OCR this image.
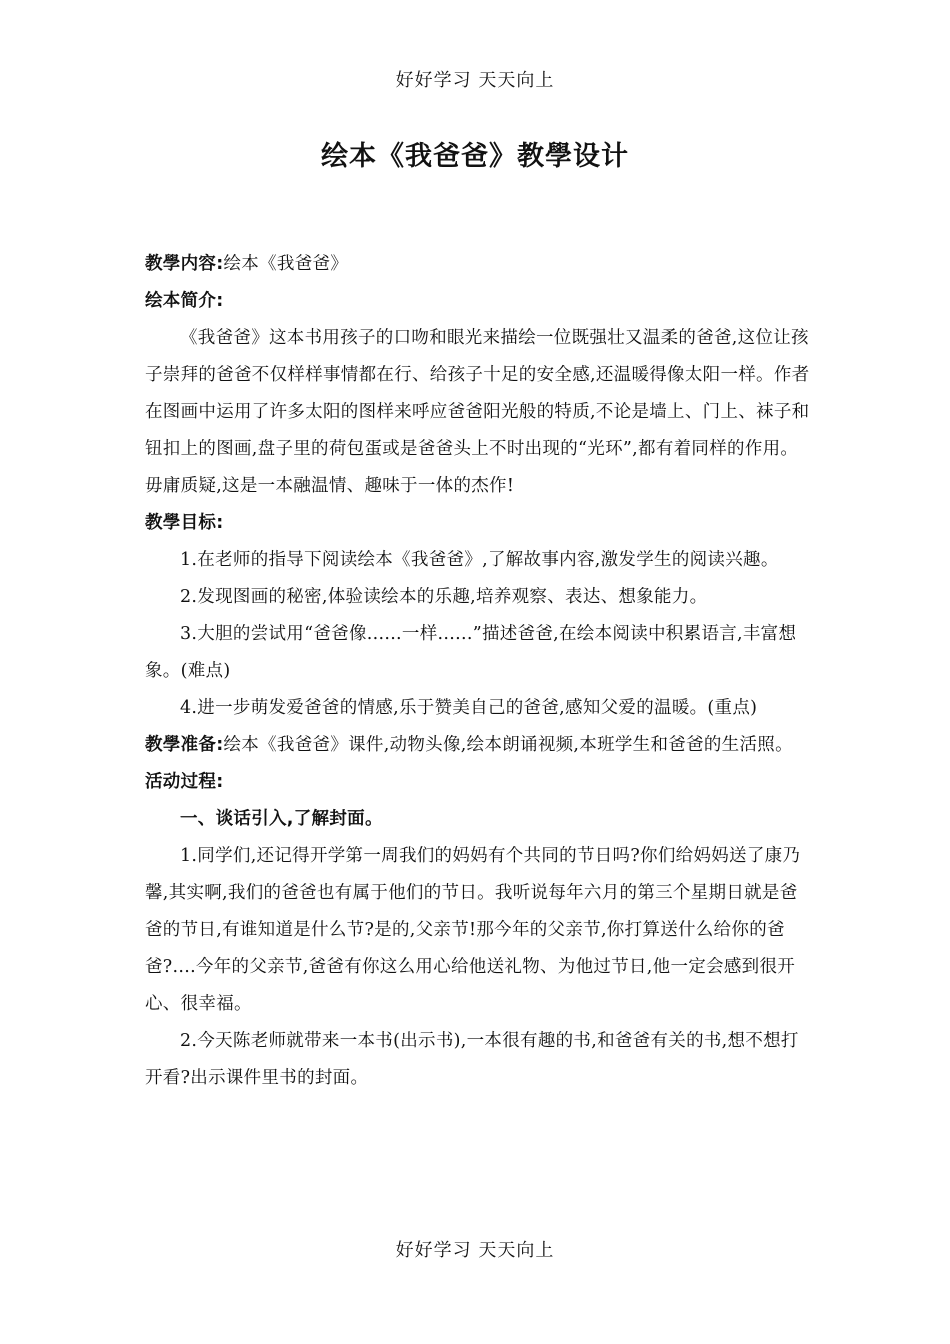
好好学习 天天向上
绘本《我爸爸》教學设计

教學内容:绘本《我爸爸》

绘本简介:

《我爸爸》这本书用孩子的口吻和眼光来描绘一位既强壮又温柔的爸爸,这位让孩子崇拜的爸爸不仅样样事情都在行、给孩子十足的安全感,还温暖得像太阳一样。作者在图画中运用了许多太阳的图样来呼应爸爸阳光般的特质,不论是墙上、门上、袜子和钮扣上的图画,盘子里的荷包蛋或是爸爸头上不时出现的“光环”,都有着同样的作用。毋庸质疑,这是一本融温情、趣味于一体的杰作!

教學目标:

1.在老师的指导下阅读绘本《我爸爸》,了解故事内容,激发学生的阅读兴趣。

2.发现图画的秘密,体验读绘本的乐趣,培养观察、表达、想象能力。

3.大胆的尝试用“爸爸像......一样......”描述爸爸,在绘本阅读中积累语言,丰富想象。(难点)

4.进一步萌发爱爸爸的情感,乐于赞美自己的爸爸,感知父爱的温暖。(重点)

教學准备:绘本《我爸爸》课件,动物头像,绘本朗诵视频,本班学生和爸爸的生活照。

活动过程:

一、谈话引入,了解封面。

1.同学们,还记得开学第一周我们的妈妈有个共同的节日吗?你们给妈妈送了康乃馨,其实啊,我们的爸爸也有属于他们的节日。我听说每年六月的第三个星期日就是爸爸的节日,有谁知道是什么节?是的,父亲节!那今年的父亲节,你打算送什么给你的爸爸?....今年的父亲节,爸爸有你这么用心给他送礼物、为他过节日,他一定会感到很开心、很幸福。

2.今天陈老师就带来一本书(出示书),一本很有趣的书,和爸爸有关的书,想不想打开看?出示课件里书的封面。

好好学习 天天向上
